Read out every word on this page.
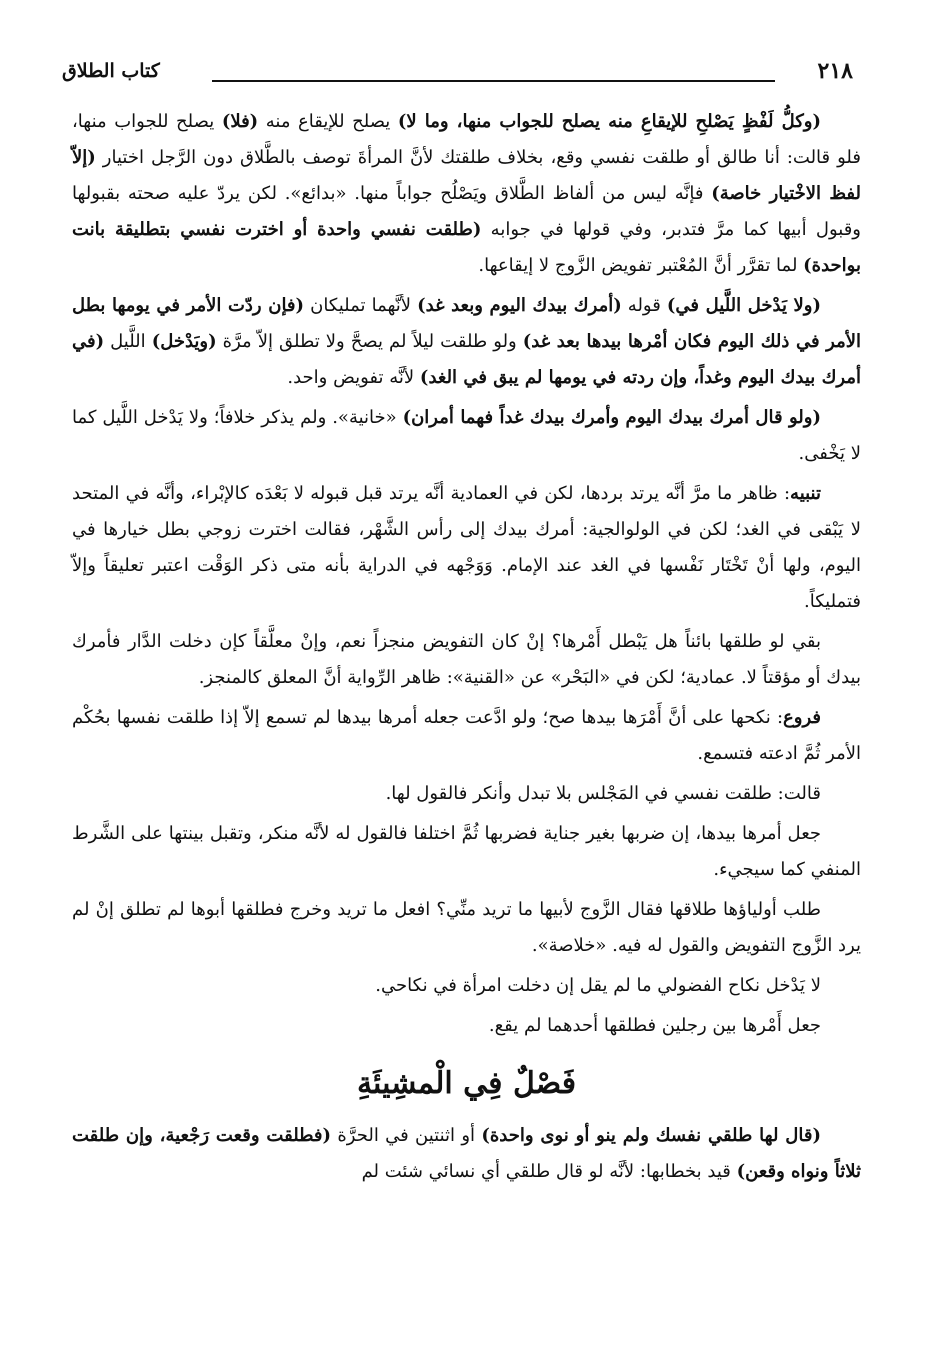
٢١٨
كتاب الطلاق

(وكلُّ لَفْظٍ يَصْلحِ للإيقاعِ منه يصلح للجواب منها، وما لا) يصلح للإيقاع منه (فلا) يصلح للجواب منها، فلو قالت: أنا طالق أو طلقت نفسي وقع، بخلاف طلقتك لأنَّ المرأةَ توصف بالطَّلاق دون الرَّجل اختيار (إلاّ لفظ الاخْتيار خاصة) فإنَّه ليس من ألفاظ الطَّلاق ويَصْلُح جواباً منها. «بدائع». لكن يردّ عليه صحته بقبولها وقبول أبيها كما مرَّ فتدبر، وفي قولها في جوابه (طلقت نفسي واحدة أو اخترت نفسي بتطليقة بانت بواحدة) لما تقرَّر أنَّ المُعْتبر تفويض الزَّوج لا إيقاعها.

(ولا يَدْخل اللَّيل في) قوله (أمرك بيدك اليوم وبعد غد) لأنَّهما تمليكان (فإن ردّت الأمر في يومها بطل الأمر في ذلك اليوم فكان أمْرها بيدها بعد غد) ولو طلقت ليلاً لم يصحَّ ولا تطلق إلاّ مرَّة (ويَدْخل) اللَّيل (في أمرك بيدك اليوم وغداً، وإن ردته في يومها لم يبق في الغد) لأنَّه تفويض واحد.

(ولو قال أمرك بيدك اليوم وأمرك بيدك غداً فهما أمران) «خانية». ولم يذكر خلافاً؛ ولا يَدْخل اللَّيل كما لا يَخْفى.

تنبيه: ظاهر ما مرَّ أنَّه يرتد بردها، لكن في العمادية أنَّه يرتد قبل قبوله لا بَعْدَه كالإبْراء، وأنَّه في المتحد لا يَبْقى في الغد؛ لكن في الولوالجية: أمرك بيدك إلى رأس الشَّهْر، فقالت اخترت زوجي بطل خيارها في اليوم، ولها أنْ تَخْتَار نَفْسها في الغد عند الإمام. وَوَجْهه في الدراية بأنه متى ذكر الوَقْت اعتبر تعليقاً وإلاّ فتمليكاً.

بقي لو طلقها بائناً هل يَبْطل أَمْرها؟ إنْ كان التفويض منجزاً نعم، وإنْ معلَّقاً كإن دخلت الدَّار فأمرك بيدك أو مؤقتاً لا. عمادية؛ لكن في «البَحْر» عن «القنية»: ظاهر الرِّواية أنَّ المعلق كالمنجز.

فروع: نكحها على أنَّ أَمْرَها بيدها صح؛ ولو ادَّعت جعله أمرها بيدها لم تسمع إلاّ إذا طلقت نفسها بحُكْم الأمر ثُمَّ ادعته فتسمع.

قالت: طلقت نفسي في المَجْلس بلا تبدل وأنكر فالقول لها.

جعل أمرها بيدها، إن ضربها بغير جناية فضربها ثُمَّ اختلفا فالقول له لأنَّه منكر، وتقبل بينتها على الشَّرط المنفي كما سيجيء.

طلب أولياؤها طلاقها فقال الزَّوج لأبيها ما تريد منِّي؟ افعل ما تريد وخرج فطلقها أبوها لم تطلق إنْ لم يرد الزَّوج التفويض والقول له فيه. «خلاصة».

لا يَدْخل نكاح الفضولي ما لم يقل إن دخلت امرأة في نكاحي.

جعل أَمْرها بين رجلين فطلقها أحدهما لم يقع.

فَصْلٌ فِي الْمشِيئَةِ

(قال لها طلقي نفسك ولم ينو أو نوى واحدة) أو اثنتين في الحرَّة (فطلقت وقعت رَجْعية، وإن طلقت ثلاثاً ونواه وقعن) قيد بخطابها: لأنَّه لو قال طلقي أي نسائي شئت لم
